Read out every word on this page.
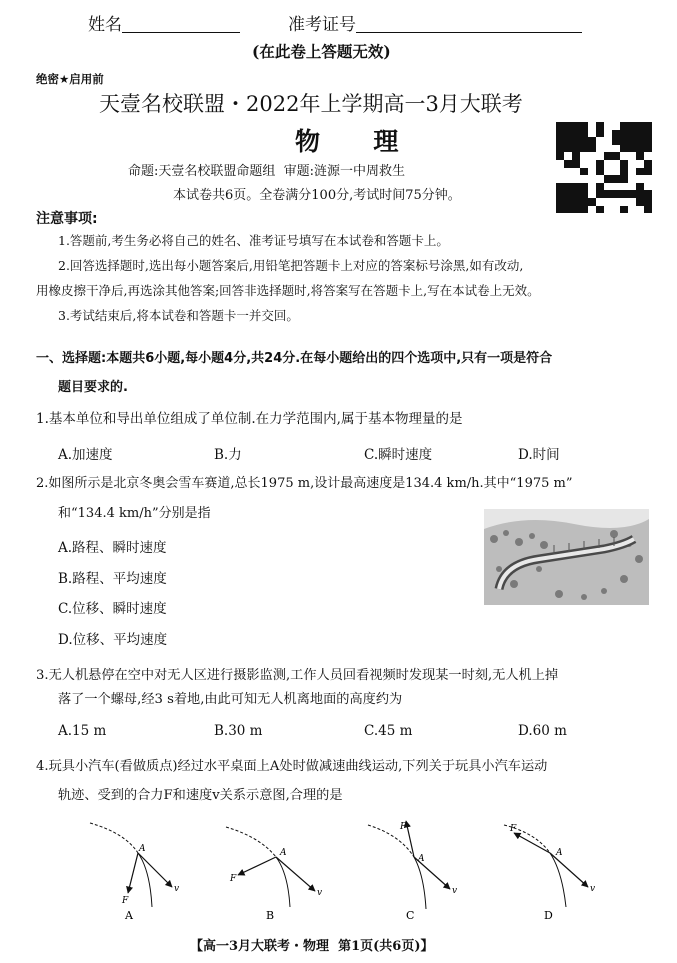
姓名	准考证号
(在此卷上答题无效)
绝密★启用前
天壹名校联盟・2022年上学期高一3月大联考
物  理
命题:天壹名校联盟命题组  审题:涟源一中周救生
本试卷共6页。全卷满分100分,考试时间75分钟。
注意事项:
1.答题前,考生务必将自己的姓名、准考证号填写在本试卷和答题卡上。
2.回答选择题时,选出每小题答案后,用铅笔把答题卡上对应的答案标号涂黑,如有改动,
用橡皮擦干净后,再选涂其他答案;回答非选择题时,将答案写在答题卡上,写在本试卷上无效。
3.考试结束后,将本试卷和答题卡一并交回。
一、选择题:本题共6小题,每小题4分,共24分.在每小题给出的四个选项中,只有一项是符合
题目要求的.
1.基本单位和导出单位组成了单位制.在力学范围内,属于基本物理量的是
A.加速度	B.力	C.瞬时速度	D.时间
2.如图所示是北京冬奥会雪车赛道,总长1975 m,设计最高速度是134.4 km/h.其中“1975 m”
和“134.4 km/h”分别是指
A.路程、瞬时速度
B.路程、平均速度
C.位移、瞬时速度
D.位移、平均速度
3.无人机悬停在空中对无人区进行摄影监测,工作人员回看视频时发现某一时刻,无人机上掉
落了一个螺母,经3 s着地,由此可知无人机离地面的高度约为
A.15 m	B.30 m	C.45 m	D.60 m
4.玩具小汽车(看做质点)经过水平桌面上A处时做减速曲线运动,下列关于玩具小汽车运动
轨迹、受到的合力F和速度v关系示意图,合理的是
A
F
v
A
A
F
v
B
A
F
v
C
A
F
v
D
【高一3月大联考・物理  第1页(共6页)】
